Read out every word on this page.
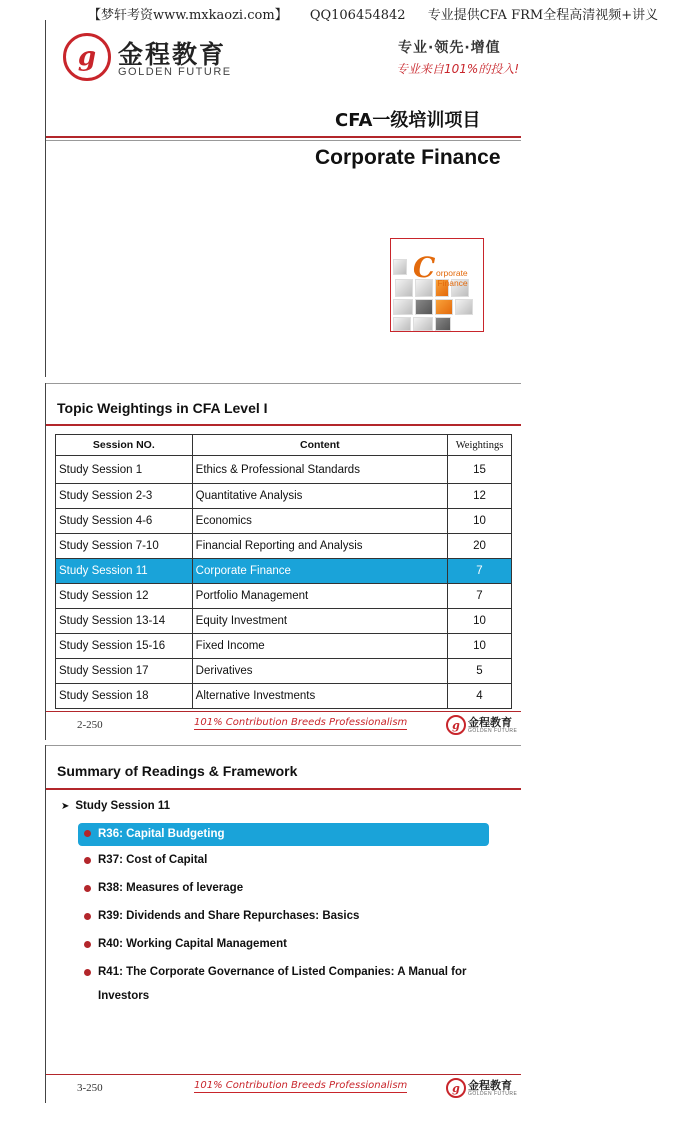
【梦轩考资www.mxkaozi.com】 QQ106454842 专业提供CFA FRM全程高清视频+讲义
g 金程教育
GOLDEN FUTURE
专业·领先·增值
专业来自101%的投入!
CFA一级培训项目
Corporate Finance
C orporate
Finance
Topic Weightings in CFA Level I
Session NO.	Content	Weightings
Study Session 1	Ethics & Professional Standards	15
Study Session 2-3	Quantitative Analysis	12
Study Session 4-6	Economics	10
Study Session 7-10	Financial Reporting and Analysis	20
Study Session 11	Corporate Finance	7
Study Session 12	Portfolio Management	7
Study Session 13-14	Equity Investment	10
Study Session 15-16	Fixed Income	10
Study Session 17	Derivatives	5
Study Session 18	Alternative Investments	4
2-250	101% Contribution Breeds Professionalism	g 金程教育
GOLDEN FUTURE
Summary of Readings & Framework
➤ Study Session 11
R36: Capital Budgeting
R37: Cost of Capital
R38: Measures of leverage
R39: Dividends and Share Repurchases: Basics
R40: Working Capital Management
R41: The Corporate Governance of Listed Companies: A Manual for
Investors
3-250	101% Contribution Breeds Professionalism	g 金程教育
GOLDEN FUTURE
